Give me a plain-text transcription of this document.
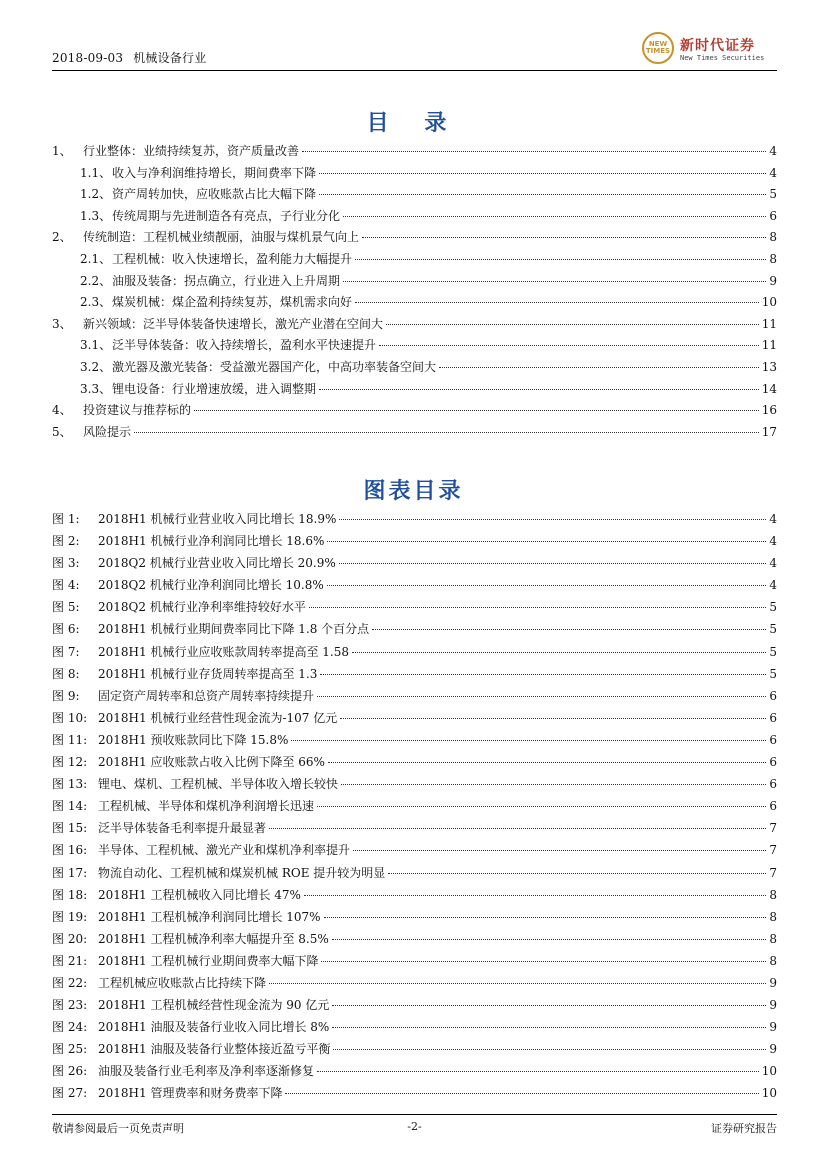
2018-09-03 机械设备行业
NEW
TIMES 新时代证券
New Times Securities
目 录
1、 行业整体：业绩持续复苏，资产质量改善	4
1.1、 收入与净利润维持增长，期间费率下降	4
1.2、 资产周转加快，应收账款占比大幅下降	5
1.3、 传统周期与先进制造各有亮点，子行业分化	6
2、 传统制造：工程机械业绩靓丽，油服与煤机景气向上	8
2.1、 工程机械：收入快速增长，盈利能力大幅提升	8
2.2、 油服及装备：拐点确立，行业进入上升周期	9
2.3、 煤炭机械：煤企盈利持续复苏，煤机需求向好	10
3、 新兴领域：泛半导体装备快速增长，激光产业潜在空间大	11
3.1、 泛半导体装备：收入持续增长，盈利水平快速提升	11
3.2、 激光器及激光装备：受益激光器国产化，中高功率装备空间大	13
3.3、 锂电设备：行业增速放缓，进入调整期	14
4、 投资建议与推荐标的	16
5、 风险提示	17
图表目录
图 1:	2018H1 机械行业营业收入同比增长 18.9%	4
图 2:	2018H1 机械行业净利润同比增长 18.6%	4
图 3:	2018Q2 机械行业营业收入同比增长 20.9%	4
图 4:	2018Q2 机械行业净利润同比增长 10.8%	4
图 5:	2018Q2 机械行业净利率维持较好水平	5
图 6:	2018H1 机械行业期间费率同比下降 1.8 个百分点	5
图 7:	2018H1 机械行业应收账款周转率提高至 1.58	5
图 8:	2018H1 机械行业存货周转率提高至 1.3	5
图 9:	固定资产周转率和总资产周转率持续提升	6
图 10: 2018H1 机械行业经营性现金流为-107 亿元	6
图 11: 2018H1 预收账款同比下降 15.8%	6
图 12: 2018H1 应收账款占收入比例下降至 66%	6
图 13: 锂电、煤机、工程机械、半导体收入增长较快	6
图 14: 工程机械、半导体和煤机净利润增长迅速	6
图 15: 泛半导体装备毛利率提升最显著	7
图 16: 半导体、工程机械、激光产业和煤机净利率提升	7
图 17: 物流自动化、工程机械和煤炭机械 ROE 提升较为明显	7
图 18: 2018H1 工程机械收入同比增长 47%	8
图 19: 2018H1 工程机械净利润同比增长 107%	8
图 20: 2018H1 工程机械净利率大幅提升至 8.5%	8
图 21: 2018H1 工程机械行业期间费率大幅下降	8
图 22: 工程机械应收账款占比持续下降	9
图 23: 2018H1 工程机械经营性现金流为 90 亿元	9
图 24: 2018H1 油服及装备行业收入同比增长 8%	9
图 25: 2018H1 油服及装备行业整体接近盈亏平衡	9
图 26: 油服及装备行业毛利率及净利率逐渐修复	10
图 27: 2018H1 管理费率和财务费率下降	10
敬请参阅最后一页免责声明	-2-	证券研究报告
